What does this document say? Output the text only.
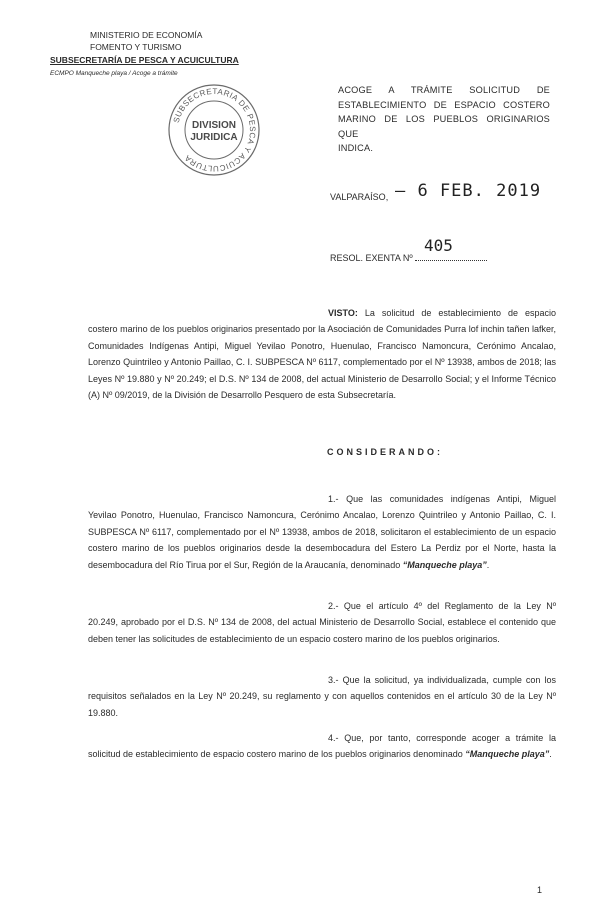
MINISTERIO DE ECONOMÍA
FOMENTO Y TURISMO
SUBSECRETARÍA DE PESCA Y ACUICULTURA
ECMPO Manqueche playa / Acoge a trámite
SUBSECRETARIA DE PESCA Y ACUICULTURA
DIVISION
JURIDICA
ACOGE A TRÁMITE SOLICITUD DE
ESTABLECIMIENTO DE ESPACIO COSTERO
MARINO DE LOS PUEBLOS ORIGINARIOS QUE
INDICA.
VALPARAÍSO, – 6 FEB. 2019
RESOL. EXENTA Nº
405
VISTO: La solicitud de establecimiento de espacio costero marino de los pueblos originarios presentado por la Asociación de Comunidades Purra lof inchin tañen lafker, Comunidades Indígenas Antipi, Miguel Yevilao Ponotro, Huenulao, Francisco Namoncura, Cerónimo Ancalao, Lorenzo Quintrileo y Antonio Paillao, C. I. SUBPESCA Nº 6117, complementado por el Nº 13938, ambos de 2018; las Leyes Nº 19.880 y Nº 20.249; el D.S. Nº 134 de 2008, del actual Ministerio de Desarrollo Social; y el Informe Técnico (A) Nº 09/2019, de la División de Desarrollo Pesquero de esta Subsecretaría.
CONSIDERANDO:
1.- Que las comunidades indígenas Antipi, Miguel Yevilao Ponotro, Huenulao, Francisco Namoncura, Cerónimo Ancalao, Lorenzo Quintrileo y Antonio Paillao, C. I. SUBPESCA Nº 6117, complementado por el Nº 13938, ambos de 2018, solicitaron el establecimiento de un espacio costero marino de los pueblos originarios desde la desembocadura del Estero La Perdiz por el Norte, hasta la desembocadura del Río Tirua por el Sur, Región de la Araucanía, denominado “Manqueche playa”.
2.- Que el artículo 4º del Reglamento de la Ley Nº 20.249, aprobado por el D.S. Nº 134 de 2008, del actual Ministerio de Desarrollo Social, establece el contenido que deben tener las solicitudes de establecimiento de un espacio costero marino de los pueblos originarios.
3.- Que la solicitud, ya individualizada, cumple con los requisitos señalados en la Ley Nº 20.249, su reglamento y con aquellos contenidos en el artículo 30 de la Ley Nº 19.880.
4.- Que, por tanto, corresponde acoger a trámite la solicitud de establecimiento de espacio costero marino de los pueblos originarios denominado “Manqueche playa”.
1
